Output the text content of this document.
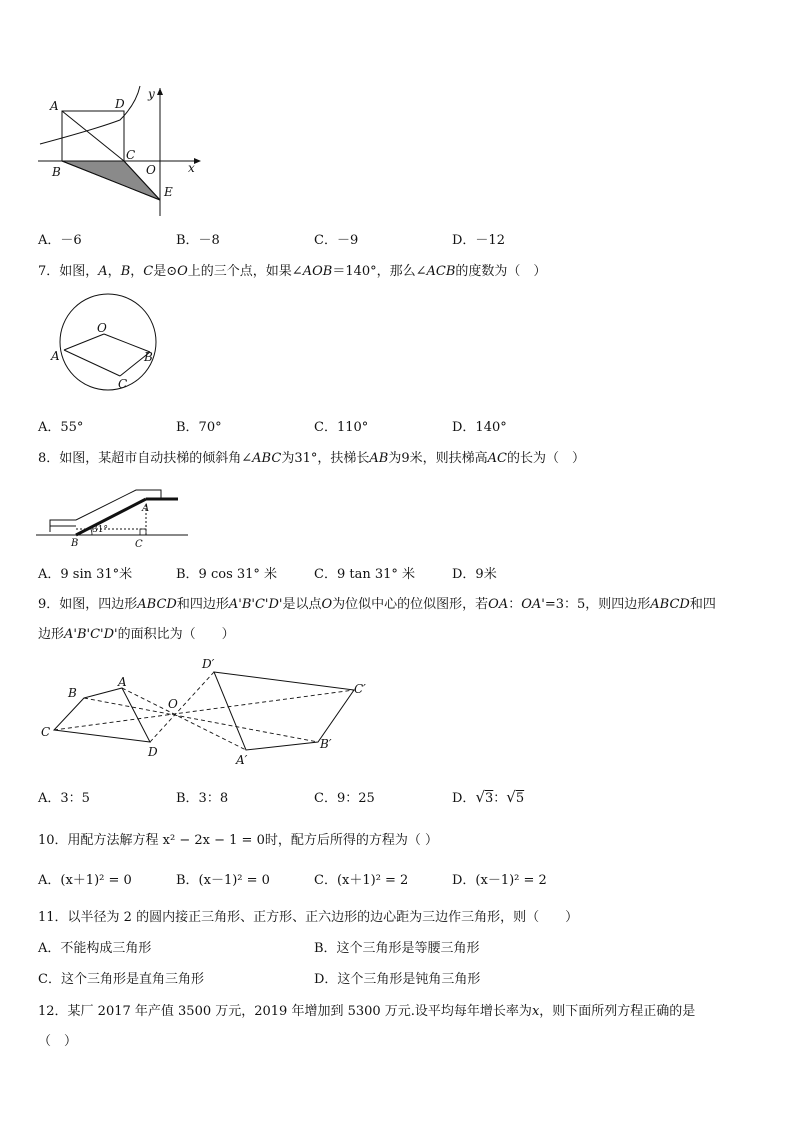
A	D
y
C
O	x
B
E
A．－6	B．－8	C．－9	D．－12
7．如图，A，B，C是⊙O上的三个点，如果∠AOB＝140°，那么∠ACB的度数为（　）
O
A	B
C
A．55°	B．70°	C．110°	D．140°
8．如图，某超市自动扶梯的倾斜角∠ABC为31°，扶梯长AB为9米，则扶梯高AC的长为（　）
A
B	C
31°
A．9 sin 31°米	B．9 cos 31° 米	C．9 tan 31° 米	D．9米
9．如图，四边形ABCD和四边形A'B'C'D'是以点O为位似中心的位似图形，若OA：OA'=3：5，则四边形ABCD和四
边形A'B'C'D'的面积比为（　　）
D′
B
A	C′
O
C
D
B′
A′
A．3：5	B．3：8	C．9：25	D．√3：√5
10．用配方法解方程 x² − 2x − 1 = 0时，配方后所得的方程为（ ）
A．(x＋1)² = 0	B．(x－1)² = 0	C．(x＋1)² = 2	D．(x－1)² = 2
11．以半径为 2 的圆内接正三角形、正方形、正六边形的边心距为三边作三角形，则（　　）
A．不能构成三角形	B．这个三角形是等腰三角形
C．这个三角形是直角三角形	D．这个三角形是钝角三角形
12．某厂 2017 年产值 3500 万元，2019 年增加到 5300 万元.设平均每年增长率为x，则下面所列方程正确的是
（　）
